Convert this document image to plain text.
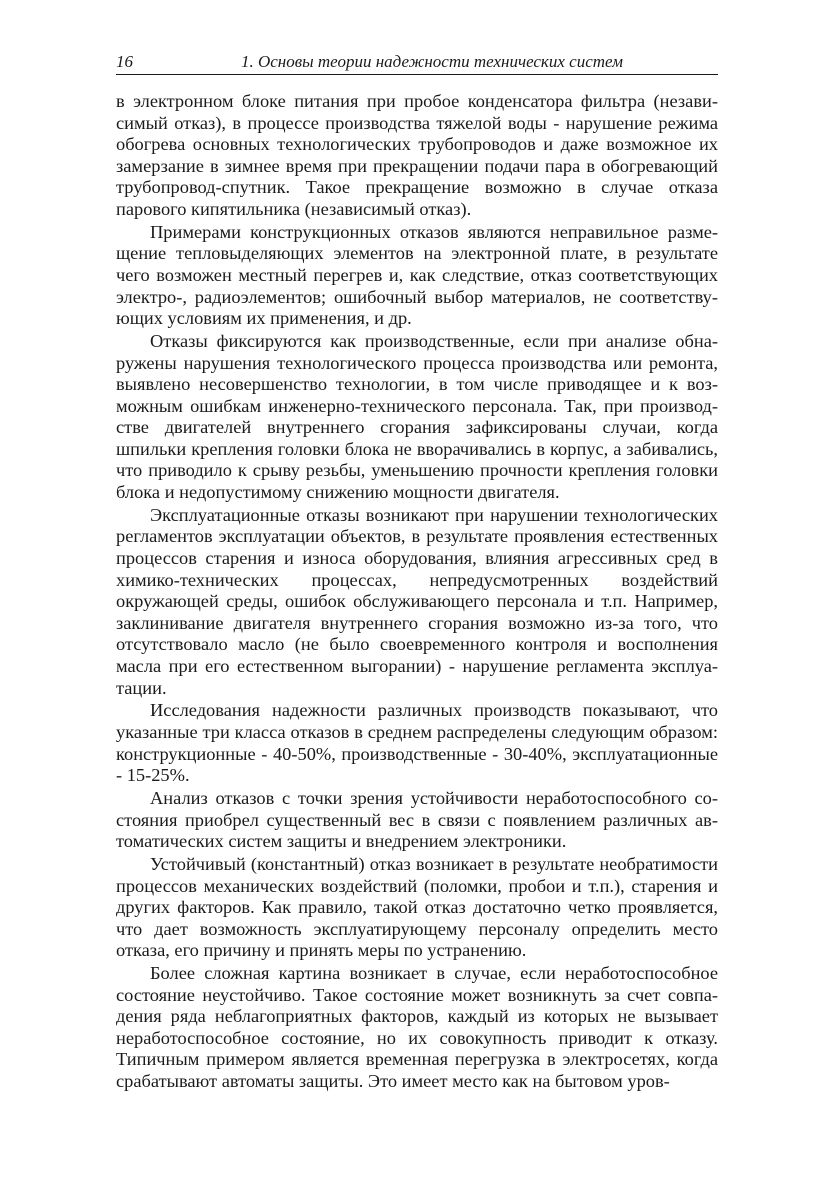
16	1. Основы теории надежности технических систем

в электронном блоке питания при пробое конденсатора фильтра (независимый отказ), в процессе производства тяжелой воды - нарушение режима обогрева основных технологических трубопроводов и даже возможное их замерзание в зимнее время при прекращении подачи пара в обогревающий трубопровод-спутник. Такое прекращение возможно в случае отказа парового кипятильника (независимый отказ).

Примерами конструкционных отказов являются неправильное размещение тепловыделяющих элементов на электронной плате, в результате чего возможен местный перегрев и, как следствие, отказ соответствующих электро-, радиоэлементов; ошибочный выбор материалов, не соответствующих условиям их применения, и др.

Отказы фиксируются как производственные, если при анализе обнаружены нарушения технологического процесса производства или ремонта, выявлено несовершенство технологии, в том числе приводящее и к возможным ошибкам инженерно-технического персонала. Так, при производстве двигателей внутреннего сгорания зафиксированы случаи, когда шпильки крепления головки блока не вворачивались в корпус, а забивались, что приводило к срыву резьбы, уменьшению прочности крепления головки блока и недопустимому снижению мощности двигателя.

Эксплуатационные отказы возникают при нарушении технологических регламентов эксплуатации объектов, в результате проявления естественных процессов старения и износа оборудования, влияния агрессивных сред в химико-технических процессах, непредусмотренных воздействий окружающей среды, ошибок обслуживающего персонала и т.п. Например, заклинивание двигателя внутреннего сгорания возможно из-за того, что отсутствовало масло (не было своевременного контроля и восполнения масла при его естественном выгорании) - нарушение регламента эксплуатации.

Исследования надежности различных производств показывают, что указанные три класса отказов в среднем распределены следующим образом: конструкционные - 40-50%, производственные - 30-40%, эксплуатационные - 15-25%.

Анализ отказов с точки зрения устойчивости неработоспособного состояния приобрел существенный вес в связи с появлением различных автоматических систем защиты и внедрением электроники.

Устойчивый (константный) отказ возникает в результате необратимости процессов механических воздействий (поломки, пробои и т.п.), старения и других факторов. Как правило, такой отказ достаточно четко проявляется, что дает возможность эксплуатирующему персоналу определить место отказа, его причину и принять меры по устранению.

Более сложная картина возникает в случае, если неработоспособное состояние неустойчиво. Такое состояние может возникнуть за счет совпадения ряда неблагоприятных факторов, каждый из которых не вызывает неработоспособное состояние, но их совокупность приводит к отказу. Типичным примером является временная перегрузка в электросетях, когда срабатывают автоматы защиты. Это имеет место как на бытовом уров-
